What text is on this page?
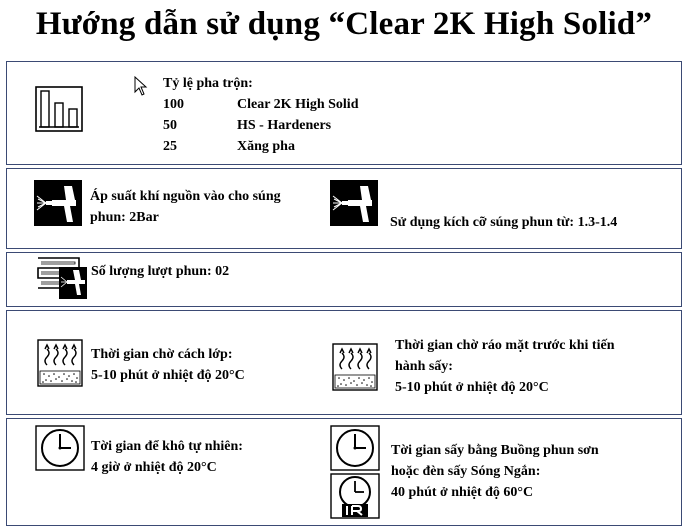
Hướng dẫn sử dụng “Clear 2K High Solid”
Tỷ lệ pha trộn:
100	Clear 2K High Solid
50	HS - Hardeners
25	Xăng pha
Áp suất khí nguồn vào cho súng
phun: 2Bar	Sử dụng kích cỡ súng phun từ: 1.3-1.4
Số lượng lượt phun: 02
Thời gian chờ cách lớp:
5-10 phút ở nhiệt độ 20°C
Thời gian chờ ráo mặt trước khi tiến
hành sấy:
5-10 phút ở nhiệt độ 20°C
Tời gian để khô tự nhiên:
4 giờ ở nhiệt độ 20°C
Tời gian sấy bằng Buồng phun sơn
hoặc đèn sấy Sóng Ngắn:
40 phút ở nhiệt độ 60°C
